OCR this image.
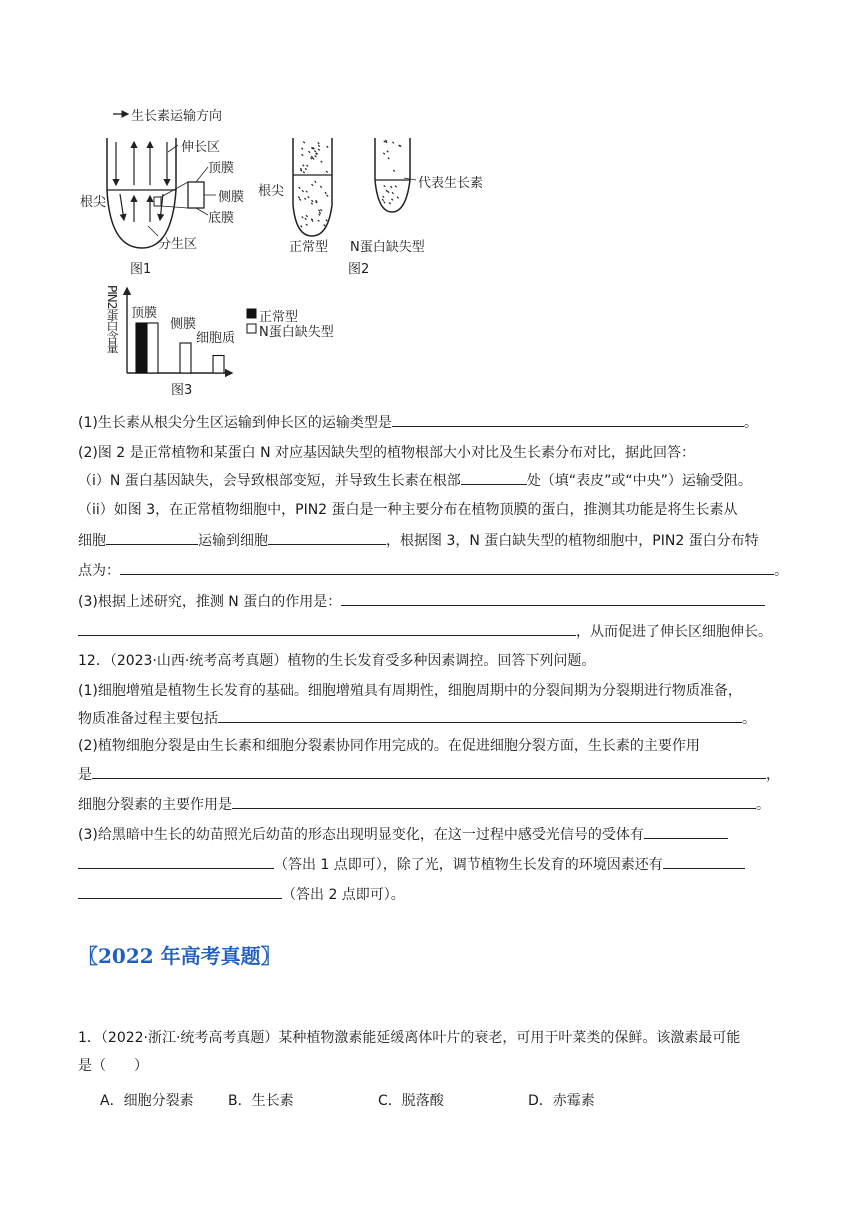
生长素运输方向
伸长区
根尖
顶膜
侧膜
底膜
分生区
图1
根尖
代表生长素
正常型 N蛋白缺失型
图2
PIN2蛋白含量 顶膜
侧膜
细胞质
正常型
N蛋白缺失型
图3
(1)生长素从根尖分生区运输到伸长区的运输类型是	。
(2)图 2 是正常植物和某蛋白 N 对应基因缺失型的植物根部大小对比及生长素分布对比，据此回答：
（i）N 蛋白基因缺失，会导致根部变短，并导致生长素在根部	处（填“表皮”或“中央”）运输受阻。
（ii）如图 3，在正常植物细胞中，PIN2 蛋白是一种主要分布在植物顶膜的蛋白，推测其功能是将生长素从
细胞	运输到细胞	，根据图 3，N 蛋白缺失型的植物细胞中，PIN2 蛋白分布特
点为：	。
(3)根据上述研究，推测 N 蛋白的作用是：
，从而促进了伸长区细胞伸长。
12．（2023·山西·统考高考真题）植物的生长发育受多种因素调控。回答下列问题。
(1)细胞增殖是植物生长发育的基础。细胞增殖具有周期性，细胞周期中的分裂间期为分裂期进行物质准备，
物质准备过程主要包括	。
(2)植物细胞分裂是由生长素和细胞分裂素协同作用完成的。在促进细胞分裂方面，生长素的主要作用
是	，
细胞分裂素的主要作用是	。
(3)给黑暗中生长的幼苗照光后幼苗的形态出现明显变化，在这一过程中感受光信号的受体有
（答出 1 点即可），除了光，调节植物生长发育的环境因素还有
（答出 2 点即可）。
〖2022 年高考真题〗
1．（2022·浙江·统考高考真题）某种植物激素能延缓离体叶片的衰老，可用于叶菜类的保鲜。该激素最可能
是（　　）
A．细胞分裂素 B．生长素	C．脱落酸	D．赤霉素
